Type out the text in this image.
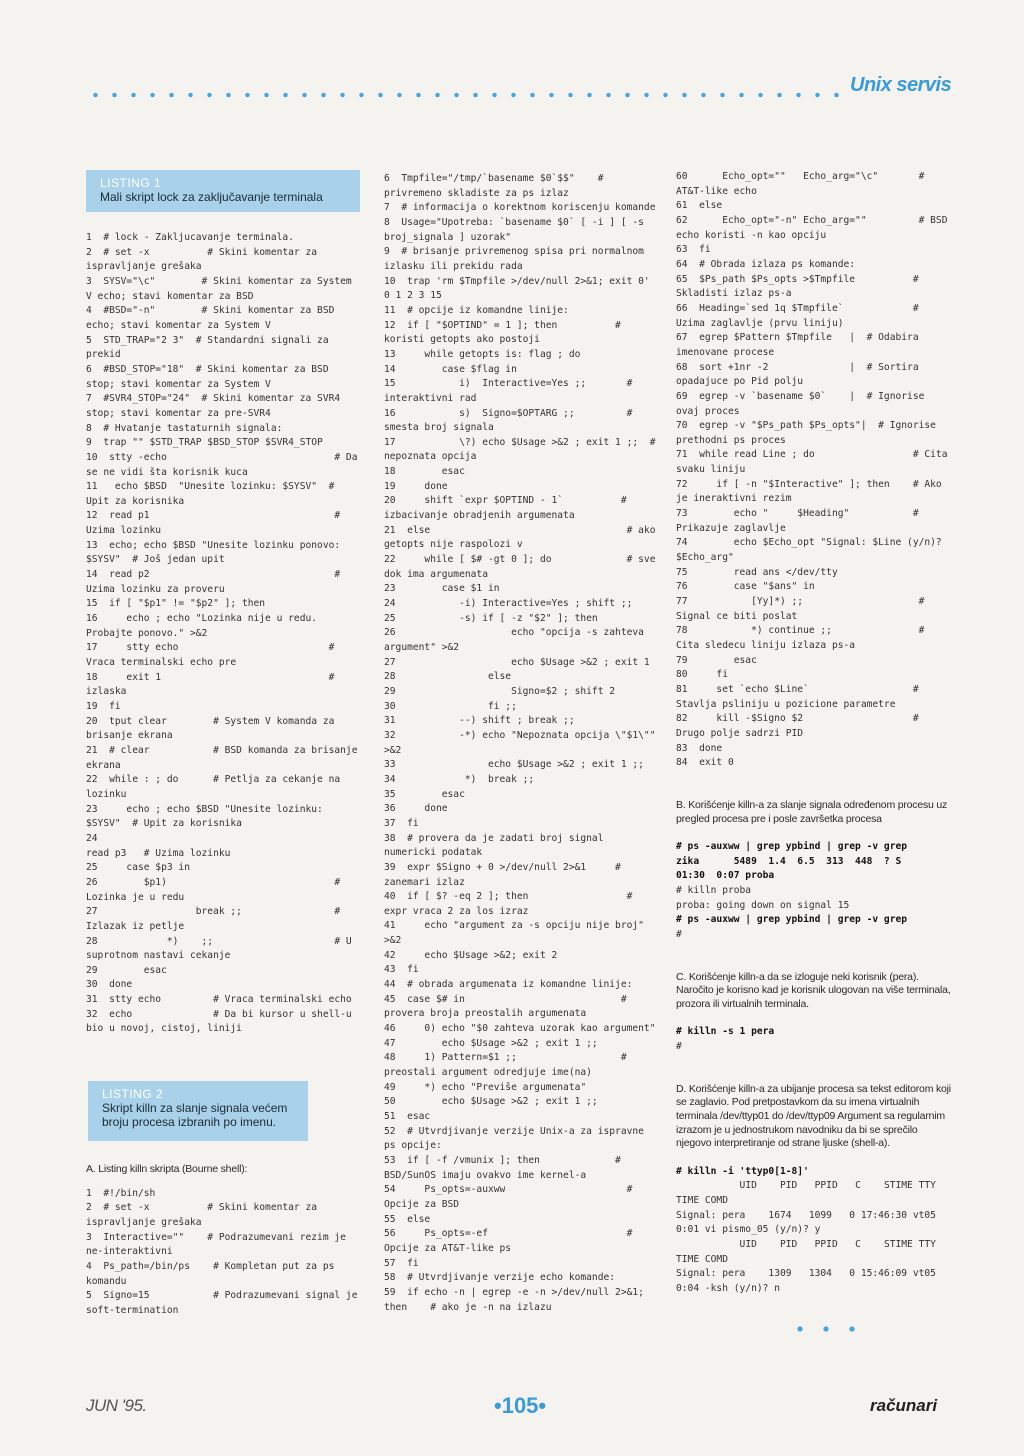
Unix servis
LISTING 1
Mali skript lock za zaključavanje terminala
1  # lock - Zakljucavanje terminala.
2  # set -x          # Skini komentar za ispravljanje grešaka
3  SYSV="\c"        # Skini komentar za System V echo; stavi komentar za BSD
4  #BSD="-n"        # Skini komentar za BSD echo; stavi komentar za System V
5  STD_TRAP="2 3"  # Standardni signali za prekid
6  #BSD_STOP="18"  # Skini komentar za BSD stop; stavi komentar za System V
7  #SVR4_STOP="24"  # Skini komentar za SVR4 stop; stavi komentar za pre-SVR4
8  # Hvatanje tastaturnih signala:
9  trap "" $STD_TRAP $BSD_STOP $SVR4_STOP
10  stty -echo                             # Da se ne vidi šta korisnik kuca
11   echo $BSD  "Unesite lozinku: $SYSV"  # Upit za korisnika
12  read p1                                # Uzima lozinku
13  echo; echo $BSD "Unesite lozinku ponovo: $SYSV"  # Još jedan upit
14  read p2                                # Uzima lozinku za proveru
15  if [ "$p1" != "$p2" ]; then
16     echo ; echo "Lozinka nije u redu. Probajte ponovo." >&2
17     stty echo                          # Vraca terminalski echo pre
18     exit 1                             # izlaska
19  fi
20  tput clear        # System V komanda za brisanje ekrana
21  # clear           # BSD komanda za brisanje ekrana
22  while : ; do      # Petlja za cekanje na lozinku
23     echo ; echo $BSD "Unesite lozinku: $SYSV"  # Upit za korisnika
24                                          read p3   # Uzima lozinku
25     case $p3 in
26        $p1)                             # Lozinka je u redu
27                 break ;;                # Izlazak iz petlje
28            *)    ;;                     # U suprotnom nastavi cekanje
29        esac
30  done
31  stty echo         # Vraca terminalski echo
32  echo              # Da bi kursor u shell-u bio u novoj, cistoj, liniji
LISTING 2
Skript killn za slanje signala većem broju procesa izbranih po imenu.
A. Listing killn skripta (Bourne shell):
1  #!/bin/sh
2  # set -x          # Skini komentar za ispravljanje grešaka
3  Interactive=""    # Podrazumevani rezim je ne-interaktivni
4  Ps_path=/bin/ps    # Kompletan put za ps komandu
5  Signo=15           # Podrazumevani signal je soft-termination
6  Tmpfile="/tmp/`basename $0`$$"    # privremeno skladiste za ps izlaz
7  # informacija o korektnom koriscenju komande
8  Usage="Upotreba: `basename $0` [ -i ] [ -s broj_signala ] uzorak"
9  # brisanje privremenog spisa pri normalnom izlasku ili prekidu rada
10  trap 'rm $Tmpfile >/dev/null 2>&1; exit 0' 0 1 2 3 15
11  # opcije iz komandne linije:
12  if [ "$OPTIND" = 1 ]; then          # koristi getopts ako postoji
13     while getopts is: flag ; do
14        case $flag in
15           i)  Interactive=Yes ;;       # interaktivni rad
16           s)  Signo=$OPTARG ;;         # smesta broj signala
17           \?) echo $Usage >&2 ; exit 1 ;;  # nepoznata opcija
18        esac
19     done
20     shift `expr $OPTIND - 1`          # izbacivanje obradjenih argumenata
21  else                                  # ako getopts nije raspolozi v
22     while [ $# -gt 0 ]; do             # sve dok ima argumenata
23        case $1 in
24           -i) Interactive=Yes ; shift ;;
25           -s) if [ -z "$2" ]; then
26                    echo "opcija -s zahteva argument" >&2
27                    echo $Usage >&2 ; exit 1
28                else
29                    Signo=$2 ; shift 2
30                fi ;;
31           --) shift ; break ;;
32           -*) echo "Nepoznata opcija \"$1\"" >&2
33                echo $Usage >&2 ; exit 1 ;;
34            *)  break ;;
35        esac
36     done
37  fi
38  # provera da je zadati broj signal numericki podatak
39  expr $Signo + 0 >/dev/null 2>&1     # zanemari izlaz
40  if [ $? -eq 2 ]; then                 # expr vraca 2 za los izraz
41     echo "argument za -s opciju nije broj" >&2
42     echo $Usage >&2; exit 2
43  fi
44  # obrada argumenata iz komandne linije:
45  case $# in                           # provera broja preostalih argumenata
46     0) echo "$0 zahteva uzorak kao argument"
47        echo $Usage >&2 ; exit 1 ;;
48     1) Pattern=$1 ;;                  # preostali argument odredjuje ime(na)
49     *) echo "Previše argumenata"
50        echo $Usage >&2 ; exit 1 ;;
51  esac
52  # Utvrdjivanje verzije Unix-a za ispravne ps opcije:
53  if [ -f /vmunix ]; then             # BSD/SunOS imaju ovakvo ime kernel-a
54     Ps_opts=-auxww                     # Opcije za BSD
55  else
56     Ps_opts=-ef                        # Opcije za AT&T-like ps
57  fi
58  # Utvrdjivanje verzije echo komande:
59  if echo -n | egrep -e -n >/dev/null 2>&1; then    # ako je -n na izlazu
60      Echo_opt=""   Echo_arg="\c"       # AT&T-like echo
61  else
62      Echo_opt="-n" Echo_arg=""         # BSD echo koristi -n kao opciju
63  fi
64  # Obrada izlaza ps komande:
65  $Ps_path $Ps_opts >$Tmpfile          # Skladisti izlaz ps-a
66  Heading=`sed 1q $Tmpfile`            # Uzima zaglavlje (prvu liniju)
67  egrep $Pattern $Tmpfile   |  # Odabira imenovane procese
68  sort +1nr -2              |  # Sortira opadajuce po Pid polju
69  egrep -v `basename $0`    |  # Ignorise ovaj proces
70  egrep -v "$Ps_path $Ps_opts"|  # Ignorise prethodni ps proces
71  while read Line ; do                 # Cita svaku liniju
72     if [ -n "$Interactive" ]; then    # Ako je ineraktivni rezim
73        echo "     $Heading"           # Prikazuje zaglavlje
74        echo $Echo_opt "Signal: $Line (y/n)? $Echo_arg"
75        read ans </dev/tty
76        case "$ans" in
77           [Yy]*) ;;                    # Signal ce biti poslat
78           *) continue ;;               # Cita sledecu liniju izlaza ps-a
79        esac
80     fi
81     set `echo $Line`                  # Stavlja psliniju u pozicione parametre
82     kill -$Signo $2                   # Drugo polje sadrzi PID
83  done
84  exit 0
B. Korišćenje killn-a za slanje signala određenom procesu uz pregled procesa pre i posle završetka procesa
# ps -auxww | grep ypbind | grep -v grep
zika      5489  1.4  6.5  313  448  ? S    01:30  0:07 proba
# killn proba
proba: going down on signal 15
# ps -auxww | grep ypbind | grep -v grep
#
C. Korišćenje killn-a da se izloguje neki korisnik (pera). Naročito je korisno kad je korisnik ulogovan na više terminala, prozora ili virtualnih terminala.
# killn -s 1 pera
#
D. Korišćenje killn-a za ubijanje procesa sa tekst editorom koji se zaglavio. Pod pretpostavkom da su imena virtualnih terminala /dev/ttyp01 do /dev/ttyp09 Argument sa regularnim izrazom je u jednostrukom navodniku da bi se sprečilo njegovo interpretiranje od strane ljuske (shell-a).
# killn -i 'ttyp0[1-8]'
UID    PID   PPID   C    STIME TTY TIME COMD
Signal: pera    1674   1099   0 17:46:30 vt05  0:01 vi pismo_05 (y/n)? y
UID    PID   PPID   C    STIME TTY TIME COMD
Signal: pera    1309   1304   0 15:46:09 vt05  0:04 -ksh (y/n)? n
JUN '95.	•105•	računari
